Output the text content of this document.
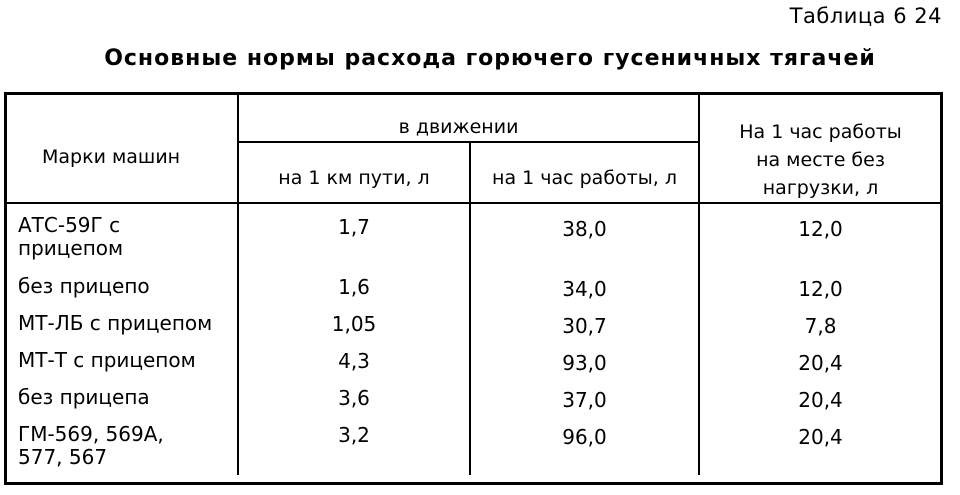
Таблица 6 24
Основные нормы расхода горючего гусеничных тягачей
Марки машин	в движении		На 1 час работы
на месте без
нагрузки, л

	на 1 км пути, л	на 1 час работы, л	

АТС-59Г с
прицепом	1,7	38,0	12,0

без прицепо	1,6	34,0	12,0

МТ-ЛБ с прицепом	1,05	30,7	7,8

МТ-Т с прицепом	4,3	93,0	20,4

без прицепа	3,6	37,0	20,4

ГМ-569, 569А,
577, 567	3,2	96,0	20,4
